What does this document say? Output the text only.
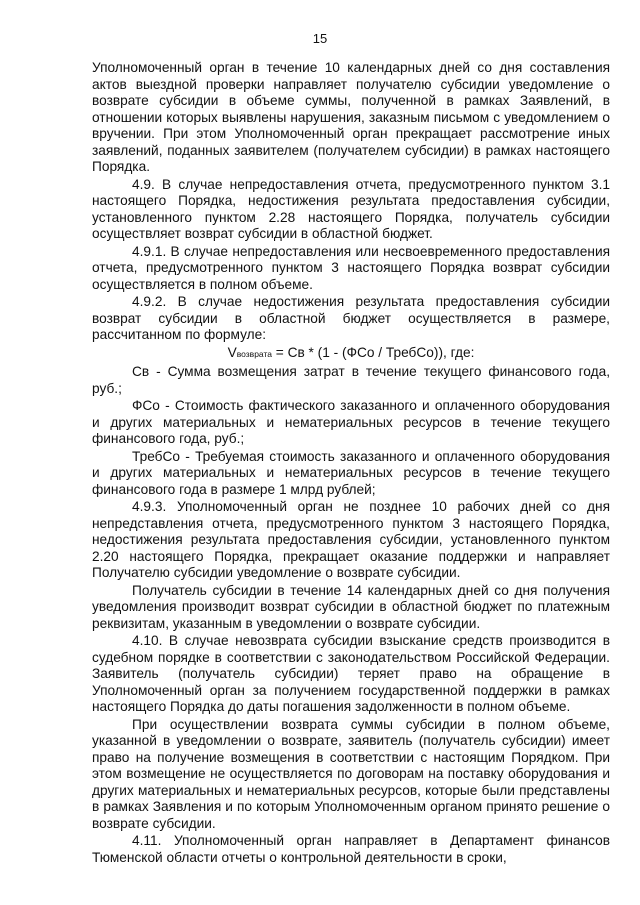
15

Уполномоченный орган в течение 10 календарных дней со дня составления актов выездной проверки направляет получателю субсидии уведомление о возврате субсидии в объеме суммы, полученной в рамках Заявлений, в отношении которых выявлены нарушения, заказным письмом с уведомлением о вручении. При этом Уполномоченный орган прекращает рассмотрение иных заявлений, поданных заявителем (получателем субсидии) в рамках настоящего Порядка.

4.9. В случае непредоставления отчета, предусмотренного пунктом 3.1 настоящего Порядка, недостижения результата предоставления субсидии, установленного пунктом 2.28 настоящего Порядка, получатель субсидии осуществляет возврат субсидии в областной бюджет.

4.9.1. В случае непредоставления или несвоевременного предоставления отчета, предусмотренного пунктом 3 настоящего Порядка возврат субсидии осуществляется в полном объеме.

4.9.2. В случае недостижения результата предоставления субсидии возврат субсидии в областной бюджет осуществляется в размере, рассчитанном по формуле:

Vвозврата = Св * (1 - (ФСо / ТребСо)), где:

Св - Сумма возмещения затрат в течение текущего финансового года, руб.;

ФСо - Стоимость фактического заказанного и оплаченного оборудования и других материальных и нематериальных ресурсов в течение текущего финансового года, руб.;

ТребСо - Требуемая стоимость заказанного и оплаченного оборудования и других материальных и нематериальных ресурсов в течение текущего финансового года в размере 1 млрд рублей;

4.9.3. Уполномоченный орган не позднее 10 рабочих дней со дня непредставления отчета, предусмотренного пунктом 3 настоящего Порядка, недостижения результата предоставления субсидии, установленного пунктом 2.20 настоящего Порядка, прекращает оказание поддержки и направляет Получателю субсидии уведомление о возврате субсидии.

Получатель субсидии в течение 14 календарных дней со дня получения уведомления производит возврат субсидии в областной бюджет по платежным реквизитам, указанным в уведомлении о возврате субсидии.

4.10. В случае невозврата субсидии взыскание средств производится в судебном порядке в соответствии с законодательством Российской Федерации. Заявитель (получатель субсидии) теряет право на обращение в Уполномоченный орган за получением государственной поддержки в рамках настоящего Порядка до даты погашения задолженности в полном объеме.

При осуществлении возврата суммы субсидии в полном объеме, указанной в уведомлении о возврате, заявитель (получатель субсидии) имеет право на получение возмещения в соответствии с настоящим Порядком. При этом возмещение не осуществляется по договорам на поставку оборудования и других материальных и нематериальных ресурсов, которые были представлены в рамках Заявления и по которым Уполномоченным органом принято решение о возврате субсидии.

4.11. Уполномоченный орган направляет в Департамент финансов Тюменской области отчеты о контрольной деятельности в сроки,
